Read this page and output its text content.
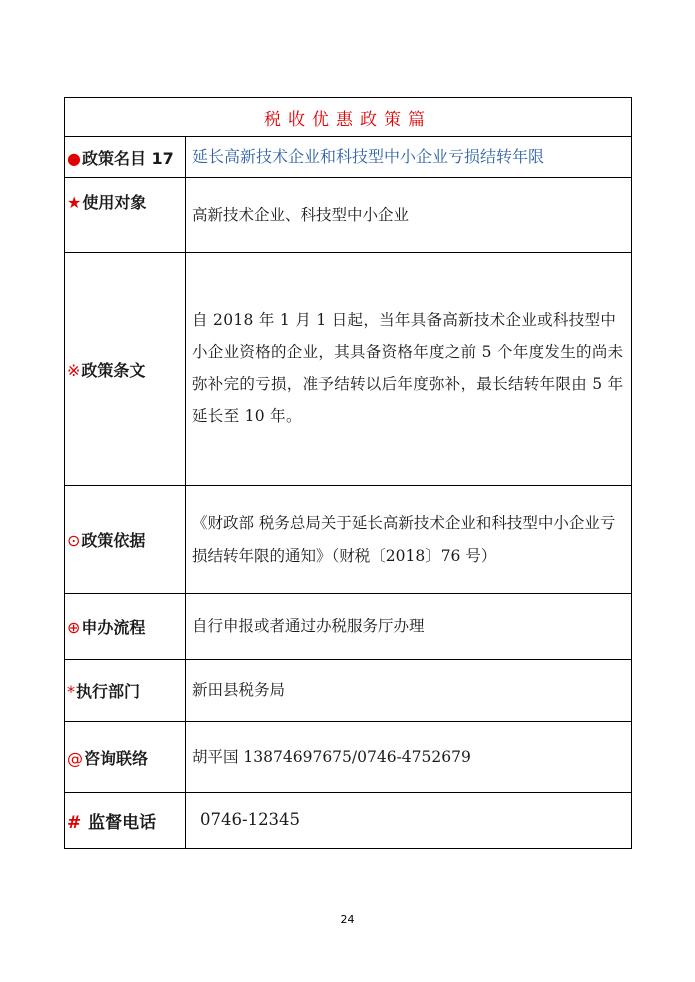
税收优惠政策篇	
●政策名目 17	延长高新技术企业和科技型中小企业亏损结转年限
★使用对象	高新技术企业、科技型中小企业
※政策条文	自 2018 年 1 月 1 日起，当年具备高新技术企业或科技型中小企业资格的企业，其具备资格年度之前 5 个年度发生的尚未弥补完的亏损，准予结转以后年度弥补，最长结转年限由 5 年延长至 10 年。
⊙政策依据	《财政部 税务总局关于延长高新技术企业和科技型中小企业亏损结转年限的通知》（财税〔2018〕76 号）
⊕申办流程	自行申报或者通过办税服务厅办理
*执行部门	新田县税务局
@咨询联络	胡平国 13874697675/0746-4752679
# 监督电话	0746-12345
24
